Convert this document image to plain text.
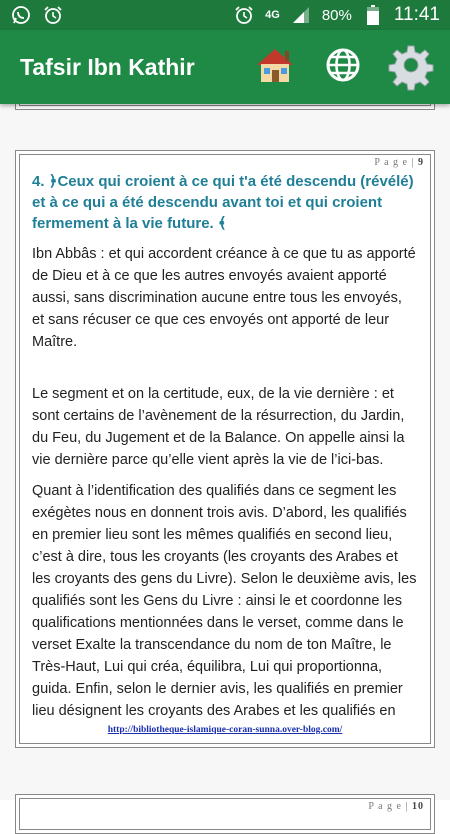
4G	80% 11:41
Tafsir Ibn Kathir
P a g e | 9
4. ﴿Ceux qui croient à ce qui t'a été descendu (révélé) et à ce qui a été descendu avant toi et qui croient fermement à la vie future. ﴾

Ibn Abbâs : et qui accordent créance à ce que tu as apporté de Dieu et à ce que les autres envoyés avaient apporté aussi, sans discrimination aucune entre tous les envoyés, et sans récuser ce que ces envoyés ont apporté de leur Maître.

Le segment et on la certitude, eux, de la vie dernière : et sont certains de l’avènement de la résurrection, du Jardin, du Feu, du Jugement et de la Balance. On appelle ainsi la vie dernière parce qu’elle vient après la vie de l’ici-bas.

Quant à l’identification des qualifiés dans ce segment les exégètes nous en donnent trois avis. D’abord, les qualifiés en premier lieu sont les mêmes qualifiés en second lieu, c’est à dire, tous les croyants (les croyants des Arabes et les croyants des gens du Livre). Selon le deuxième avis, les qualifiés sont les Gens du Livre : ainsi le et coordonne les qualifications mentionnées dans le verset, comme dans le verset Exalte la transcendance du nom de ton Maître, le Très-Haut, Lui qui créa, équilibra, Lui qui proportionna, guida. Enfin, selon le dernier avis, les qualifiés en premier lieu désignent les croyants des Arabes et les qualifiés en

http://bibliotheque-islamique-coran-sunna.over-blog.com/
P a g e | 10
